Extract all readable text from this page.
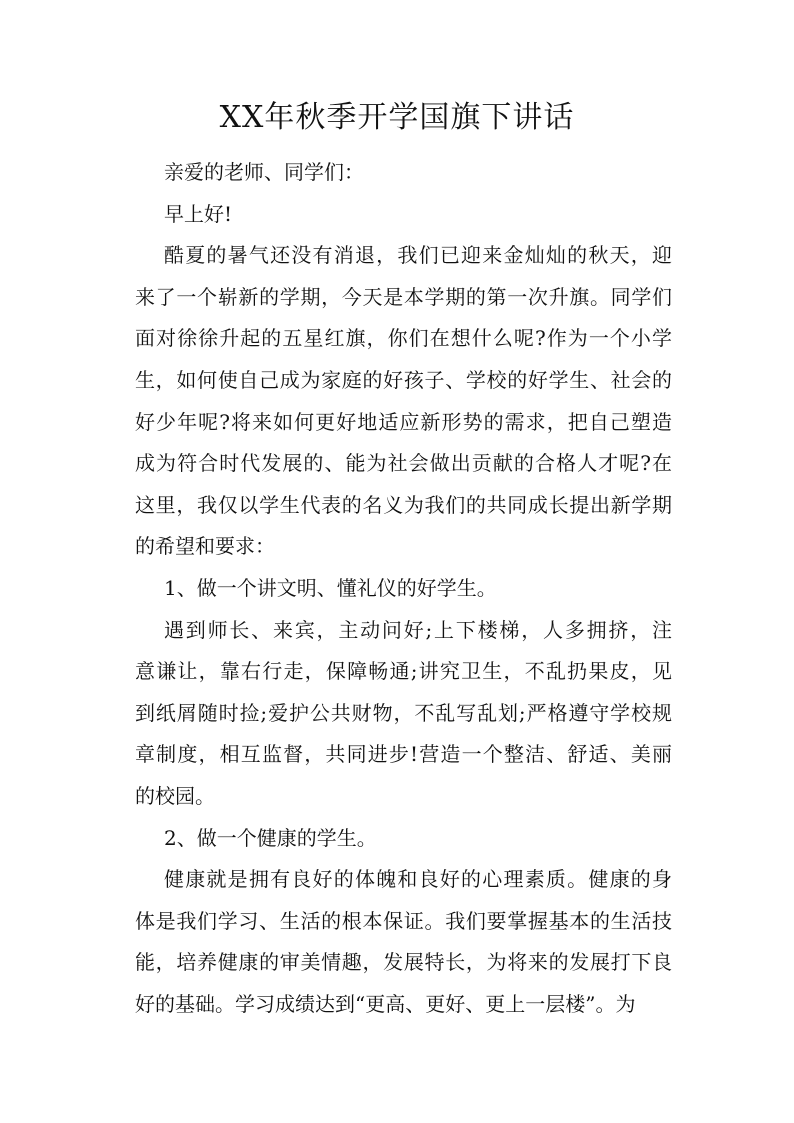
XX年秋季开学国旗下讲话
亲爱的老师、同学们：
早上好!
酷夏的暑气还没有消退，我们已迎来金灿灿的秋天，迎
来了一个崭新的学期，今天是本学期的第一次升旗。同学们
面对徐徐升起的五星红旗，你们在想什么呢?作为一个小学
生，如何使自己成为家庭的好孩子、学校的好学生、社会的
好少年呢?将来如何更好地适应新形势的需求，把自己塑造
成为符合时代发展的、能为社会做出贡献的合格人才呢?在
这里，我仅以学生代表的名义为我们的共同成长提出新学期
的希望和要求：
1、做一个讲文明、懂礼仪的好学生。
遇到师长、来宾，主动问好;上下楼梯，人多拥挤，注
意谦让，靠右行走，保障畅通;讲究卫生，不乱扔果皮，见
到纸屑随时捡;爱护公共财物，不乱写乱划;严格遵守学校规
章制度，相互监督，共同进步!营造一个整洁、舒适、美丽
的校园。
2、做一个健康的学生。
健康就是拥有良好的体魄和良好的心理素质。健康的身
体是我们学习、生活的根本保证。我们要掌握基本的生活技
能，培养健康的审美情趣，发展特长，为将来的发展打下良
好的基础。学习成绩达到“更高、更好、更上一层楼”。为
